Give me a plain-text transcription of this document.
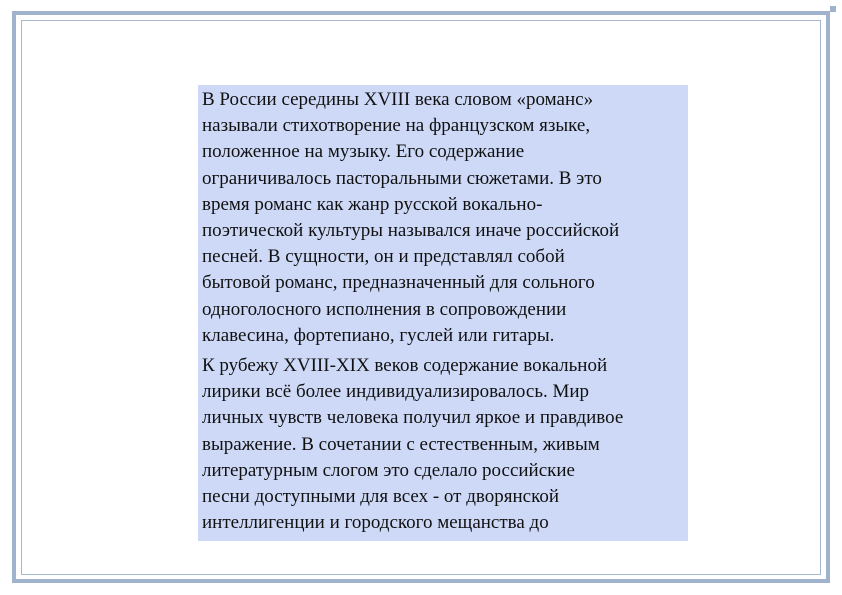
В России середины XVIII века словом «романс»
называли стихотворение на французском языке,
положенное на музыку. Его содержание
ограничивалось пасторальными сюжетами. В это
время романс как жанр русской вокально-
поэтической культуры назывался иначе российской
песней. В сущности, он и представлял собой
бытовой романс, предназначенный для сольного
одноголосного исполнения в сопровождении
клавесина, фортепиано, гуслей или гитары.

К рубежу XVIII-XIX веков содержание вокальной
лирики всё более индивидуализировалось. Мир
личных чувств человека получил яркое и правдивое
выражение. В сочетании с естественным, живым
литературным слогом это сделало российские
песни доступными для всех - от дворянской
интеллигенции и городского мещанства до
